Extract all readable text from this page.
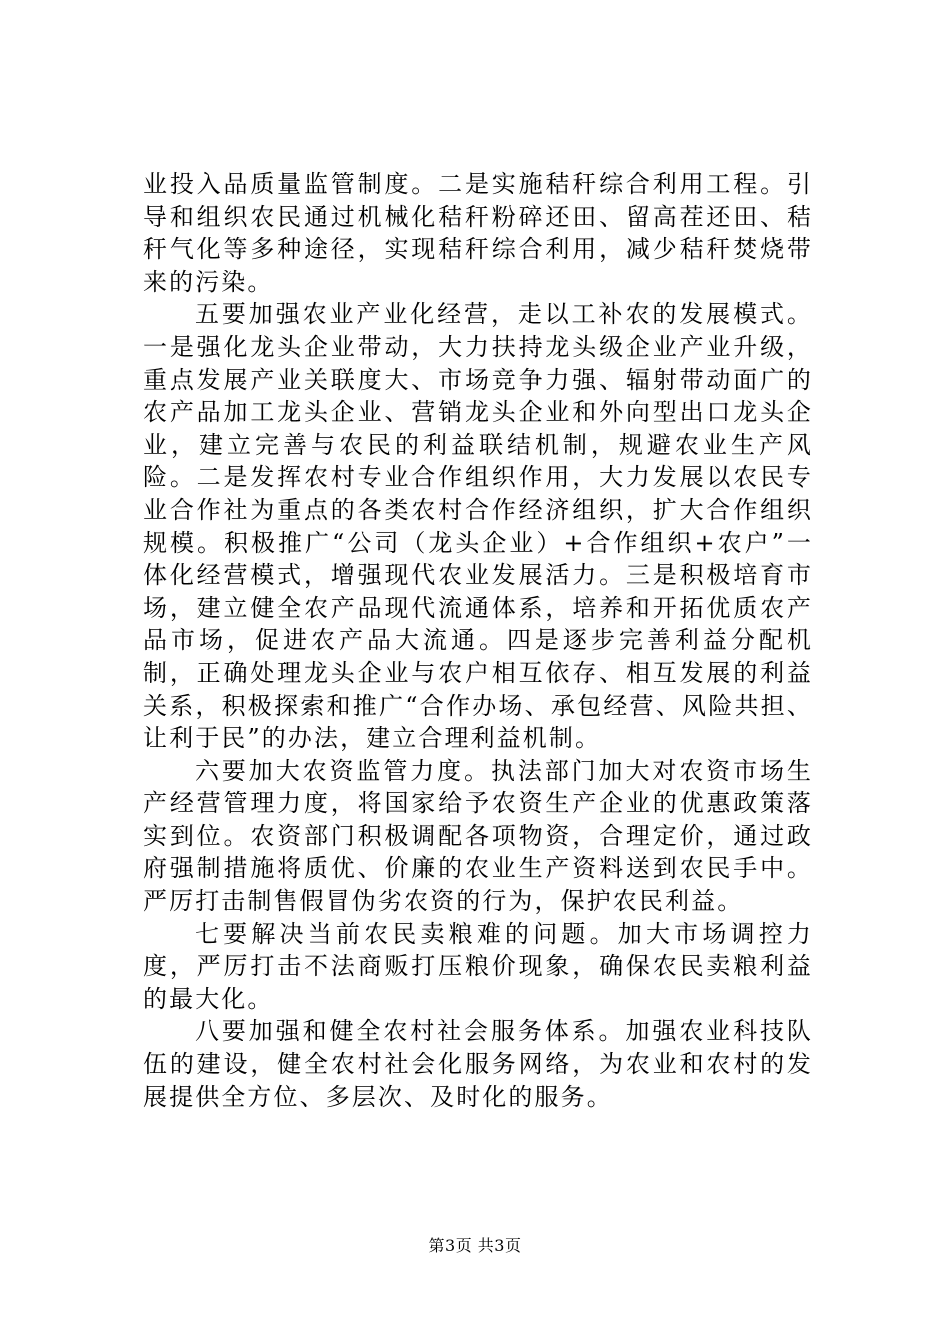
业投入品质量监管制度。二是实施秸秆综合利用工程。引导和组织农民通过机械化秸秆粉碎还田、留高茬还田、秸秆气化等多种途径，实现秸秆综合利用，减少秸秆焚烧带来的污染。

五要加强农业产业化经营，走以工补农的发展模式。一是强化龙头企业带动，大力扶持龙头级企业产业升级，重点发展产业关联度大、市场竞争力强、辐射带动面广的农产品加工龙头企业、营销龙头企业和外向型出口龙头企业，建立完善与农民的利益联结机制，规避农业生产风险。二是发挥农村专业合作组织作用，大力发展以农民专业合作社为重点的各类农村合作经济组织，扩大合作组织规模。积极推广“公司（龙头企业）+合作组织+农户”一体化经营模式，增强现代农业发展活力。三是积极培育市场，建立健全农产品现代流通体系，培养和开拓优质农产品市场，促进农产品大流通。四是逐步完善利益分配机制，正确处理龙头企业与农户相互依存、相互发展的利益关系，积极探索和推广“合作办场、承包经营、风险共担、让利于民”的办法，建立合理利益机制。

六要加大农资监管力度。执法部门加大对农资市场生产经营管理力度，将国家给予农资生产企业的优惠政策落实到位。农资部门积极调配各项物资，合理定价，通过政府强制措施将质优、价廉的农业生产资料送到农民手中。严厉打击制售假冒伪劣农资的行为，保护农民利益。

七要解决当前农民卖粮难的问题。加大市场调控力度，严厉打击不法商贩打压粮价现象，确保农民卖粮利益的最大化。

八要加强和健全农村社会服务体系。加强农业科技队伍的建设，健全农村社会化服务网络，为农业和农村的发展提供全方位、多层次、及时化的服务。

第3页 共3页
